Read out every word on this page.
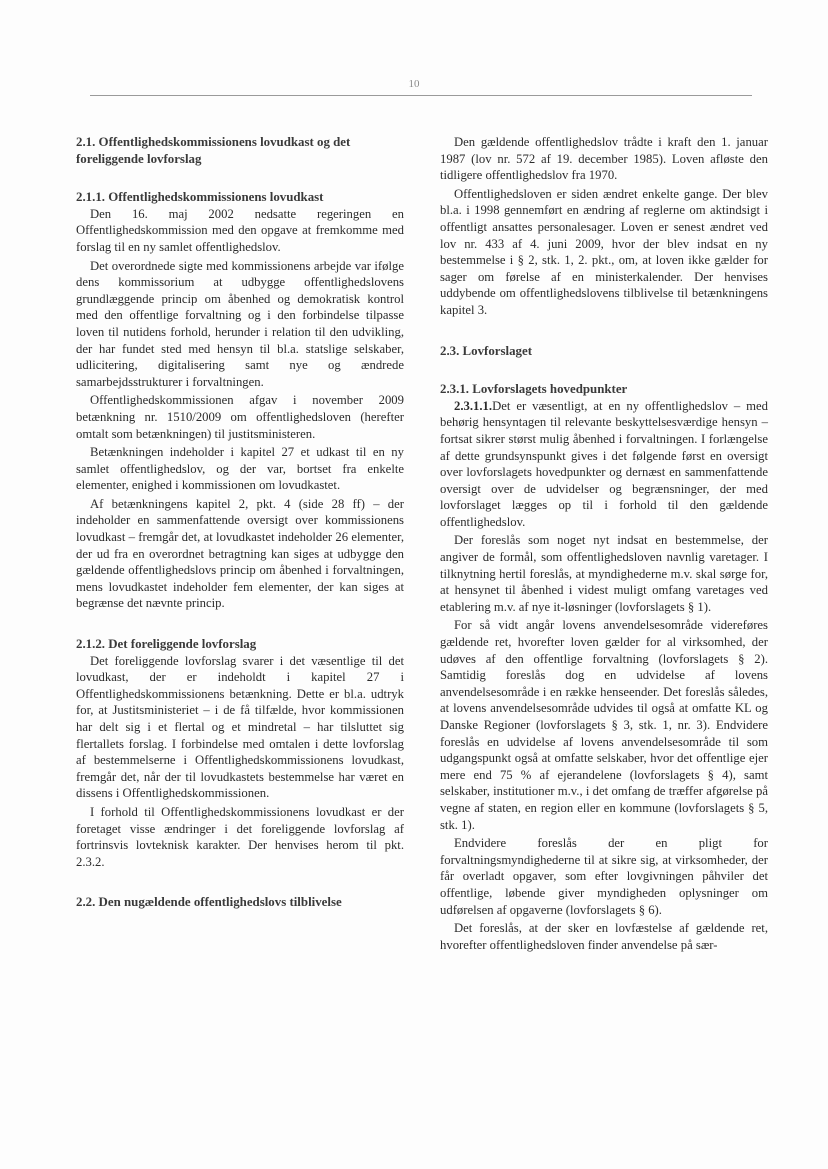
10
2.1. Offentlighedskommissionens lovudkast og det foreliggende lovforslag
2.1.1. Offentlighedskommissionens lovudkast

Den 16. maj 2002 nedsatte regeringen en Offentlighedskommission med den opgave at fremkomme med forslag til en ny samlet offentlighedslov.

Det overordnede sigte med kommissionens arbejde var ifølge dens kommissorium at udbygge offentlighedslovens grundlæggende princip om åbenhed og demokratisk kontrol med den offentlige forvaltning og i den forbindelse tilpasse loven til nutidens forhold, herunder i relation til den udvikling, der har fundet sted med hensyn til bl.a. statslige selskaber, udlicitering, digitalisering samt nye og ændrede samarbejdsstrukturer i forvaltningen.

Offentlighedskommissionen afgav i november 2009 betænkning nr. 1510/2009 om offentlighedsloven (herefter omtalt som betænkningen) til justitsministeren.

Betænkningen indeholder i kapitel 27 et udkast til en ny samlet offentlighedslov, og der var, bortset fra enkelte elementer, enighed i kommissionen om lovudkastet.

Af betænkningens kapitel 2, pkt. 4 (side 28 ff) – der indeholder en sammenfattende oversigt over kommissionens lovudkast – fremgår det, at lovudkastet indeholder 26 elementer, der ud fra en overordnet betragtning kan siges at udbygge den gældende offentlighedslovs princip om åbenhed i forvaltningen, mens lovudkastet indeholder fem elementer, der kan siges at begrænse det nævnte princip.

2.1.2. Det foreliggende lovforslag

Det foreliggende lovforslag svarer i det væsentlige til det lovudkast, der er indeholdt i kapitel 27 i Offentlighedskommissionens betænkning. Dette er bl.a. udtryk for, at Justitsministeriet – i de få tilfælde, hvor kommissionen har delt sig i et flertal og et mindretal – har tilsluttet sig flertallets forslag. I forbindelse med omtalen i dette lovforslag af bestemmelserne i Offentlighedskommissionens lovudkast, fremgår det, når der til lovudkastets bestemmelse har været en dissens i Offentlighedskommissionen.

I forhold til Offentlighedskommissionens lovudkast er der foretaget visse ændringer i det foreliggende lovforslag af fortrinsvis lovteknisk karakter. Der henvises herom til pkt. 2.3.2.

2.2. Den nugældende offentlighedslovs tilblivelse

Den gældende offentlighedslov trådte i kraft den 1. januar 1987 (lov nr. 572 af 19. december 1985). Loven afløste den tidligere offentlighedslov fra 1970.

Offentlighedsloven er siden ændret enkelte gange. Der blev bl.a. i 1998 gennemført en ændring af reglerne om aktindsigt i offentligt ansattes personalesager. Loven er senest ændret ved lov nr. 433 af 4. juni 2009, hvor der blev indsat en ny bestemmelse i § 2, stk. 1, 2. pkt., om, at loven ikke gælder for sager om førelse af en ministerkalender. Der henvises uddybende om offentlighedslovens tilblivelse til betænkningens kapitel 3.

2.3. Lovforslaget
2.3.1. Lovforslagets hovedpunkter

2.3.1.1.Det er væsentligt, at en ny offentlighedslov – med behørig hensyntagen til relevante beskyttelsesværdige hensyn – fortsat sikrer størst mulig åbenhed i forvaltningen. I forlængelse af dette grundsynspunkt gives i det følgende først en oversigt over lovforslagets hovedpunkter og dernæst en sammenfattende oversigt over de udvidelser og begrænsninger, der med lovforslaget lægges op til i forhold til den gældende offentlighedslov.

Der foreslås som noget nyt indsat en bestemmelse, der angiver de formål, som offentlighedsloven navnlig varetager. I tilknytning hertil foreslås, at myndighederne m.v. skal sørge for, at hensynet til åbenhed i videst muligt omfang varetages ved etablering m.v. af nye it-løsninger (lovforslagets § 1).

For så vidt angår lovens anvendelsesområde videreføres gældende ret, hvorefter loven gælder for al virksomhed, der udøves af den offentlige forvaltning (lovforslagets § 2). Samtidig foreslås dog en udvidelse af lovens anvendelsesområde i en række henseender. Det foreslås således, at lovens anvendelsesområde udvides til også at omfatte KL og Danske Regioner (lovforslagets § 3, stk. 1, nr. 3). Endvidere foreslås en udvidelse af lovens anvendelsesområde til som udgangspunkt også at omfatte selskaber, hvor det offentlige ejer mere end 75 % af ejerandelene (lovforslagets § 4), samt selskaber, institutioner m.v., i det omfang de træffer afgørelse på vegne af staten, en region eller en kommune (lovforslagets § 5, stk. 1).

Endvidere foreslås der en pligt for forvaltningsmyndighederne til at sikre sig, at virksomheder, der får overladt opgaver, som efter lovgivningen påhviler det offentlige, løbende giver myndigheden oplysninger om udførelsen af opgaverne (lovforslagets § 6).

Det foreslås, at der sker en lovfæstelse af gældende ret, hvorefter offentlighedsloven finder anvendelse på sær-
